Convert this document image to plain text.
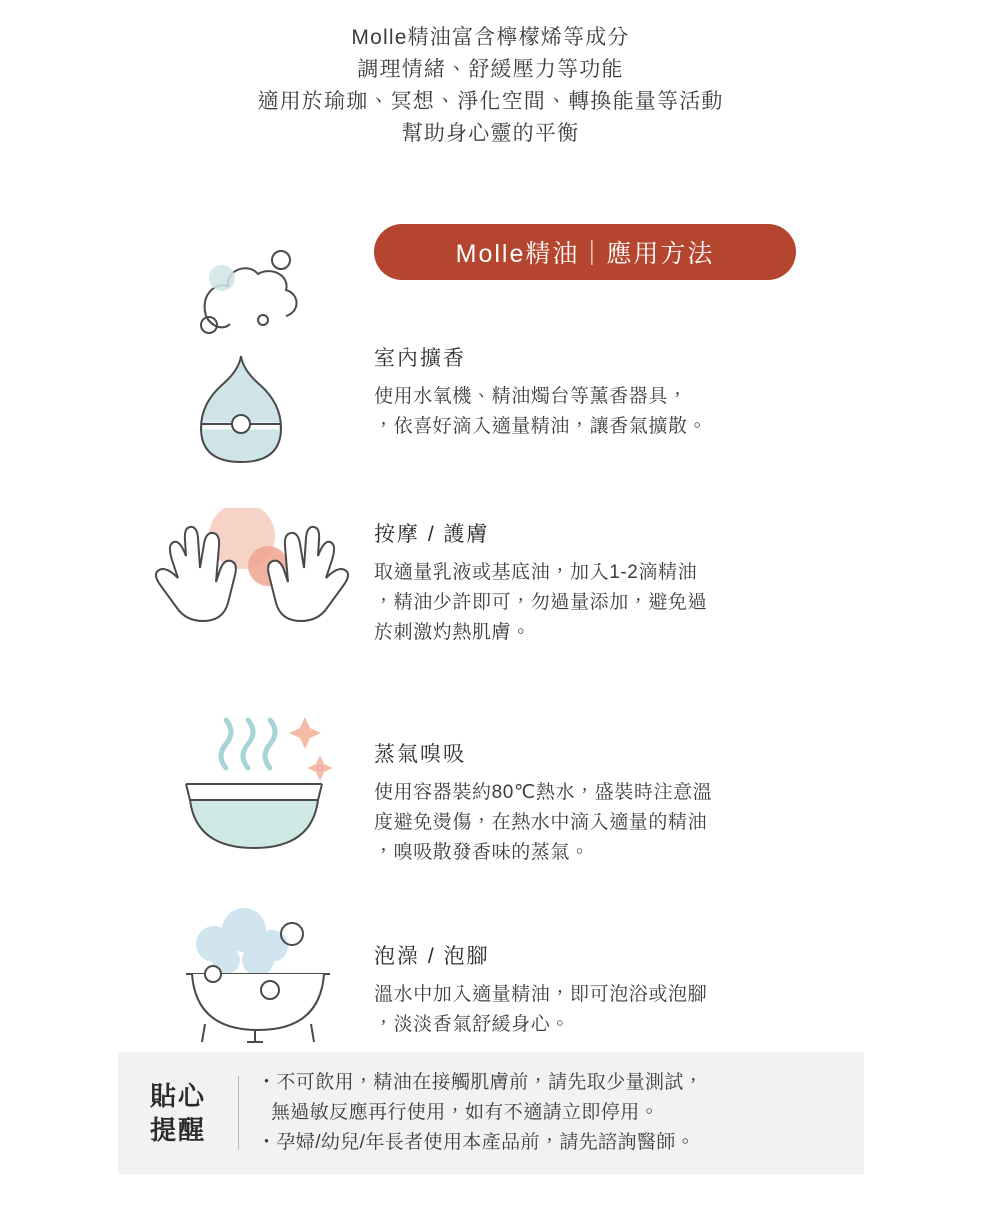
Molle精油富含檸檬烯等成分
調理情緒、舒緩壓力等功能
適用於瑜珈、冥想、淨化空間、轉換能量等活動
幫助身心靈的平衡
Molle精油｜應用方法
室內擴香
使用水氧機、精油燭台等薰香器具，
，依喜好滴入適量精油，讓香氣擴散。
按摩 / 護膚
取適量乳液或基底油，加入1-2滴精油
，精油少許即可，勿過量添加，避免過
於刺激灼熱肌膚。
蒸氣嗅吸
使用容器裝約80℃熱水，盛裝時注意溫
度避免燙傷，在熱水中滴入適量的精油
，嗅吸散發香味的蒸氣。
泡澡 / 泡腳
溫水中加入適量精油，即可泡浴或泡腳
，淡淡香氣舒緩身心。
貼心
提醒
・不可飲用，精油在接觸肌膚前，請先取少量測試，
無過敏反應再行使用，如有不適請立即停用。
・孕婦/幼兒/年長者使用本產品前，請先諮詢醫師。
